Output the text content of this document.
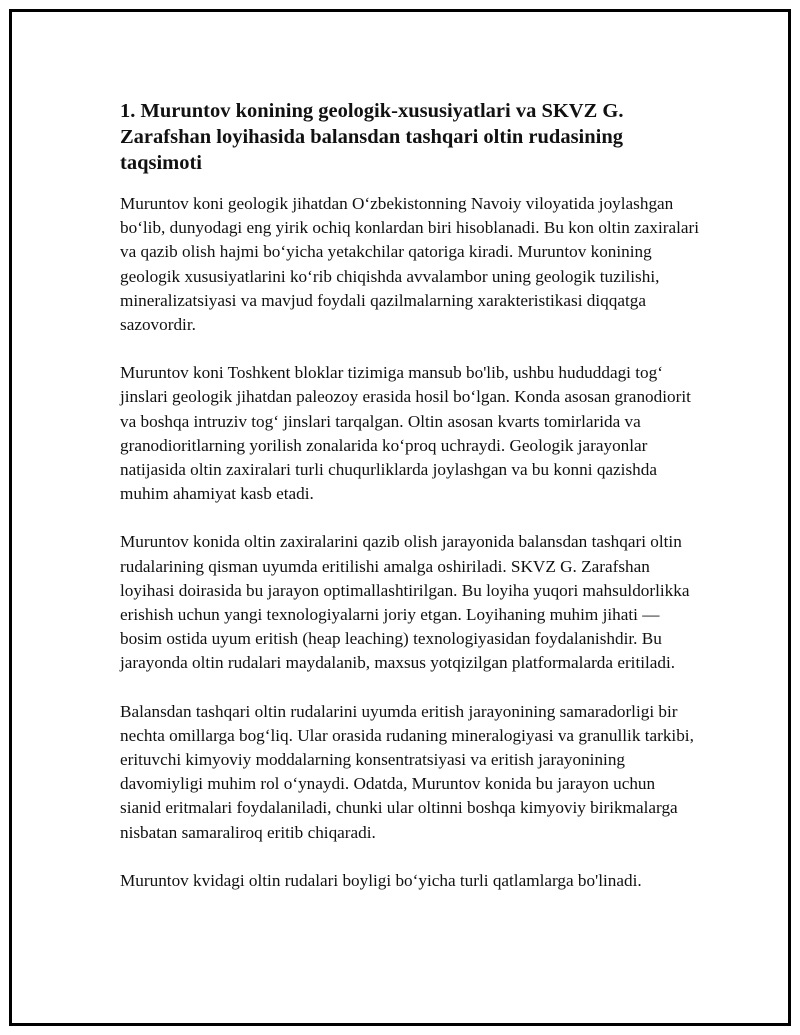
1. Muruntov konining geologik-xususiyatlari va SKVZ G. Zarafshan loyihasida balansdan tashqari oltin rudasining taqsimoti

Muruntov koni geologik jihatdan O‘zbekistonning Navoiy viloyatida joylashgan bo‘lib, dunyodagi eng yirik ochiq konlardan biri hisoblanadi. Bu kon oltin zaxiralari va qazib olish hajmi bo‘yicha yetakchilar qatoriga kiradi. Muruntov konining geologik xususiyatlarini ko‘rib chiqishda avvalambor uning geologik tuzilishi, mineralizatsiyasi va mavjud foydali qazilmalarning xarakteristikasi diqqatga sazovordir.

Muruntov koni Toshkent bloklar tizimiga mansub bo'lib, ushbu hududdagi tog‘ jinslari geologik jihatdan paleozoy erasida hosil bo‘lgan. Konda asosan granodiorit va boshqa intruziv tog‘ jinslari tarqalgan. Oltin asosan kvarts tomirlarida va granodioritlarning yorilish zonalarida ko‘proq uchraydi. Geologik jarayonlar natijasida oltin zaxiralari turli chuqurliklarda joylashgan va bu konni qazishda muhim ahamiyat kasb etadi.

Muruntov konida oltin zaxiralarini qazib olish jarayonida balansdan tashqari oltin rudalarining qisman uyumda eritilishi amalga oshiriladi. SKVZ G. Zarafshan loyihasi doirasida bu jarayon optimallashtirilgan. Bu loyiha yuqori mahsuldorlikka erishish uchun yangi texnologiyalarni joriy etgan. Loyihaning muhim jihati — bosim ostida uyum eritish (heap leaching) texnologiyasidan foydalanishdir. Bu jarayonda oltin rudalari maydalanib, maxsus yotqizilgan platformalarda eritiladi.

Balansdan tashqari oltin rudalarini uyumda eritish jarayonining samaradorligi bir nechta omillarga bog‘liq. Ular orasida rudaning mineralogiyasi va granullik tarkibi, erituvchi kimyoviy moddalarning konsentratsiyasi va eritish jarayonining davomiyligi muhim rol o‘ynaydi. Odatda, Muruntov konida bu jarayon uchun sianid eritmalari foydalaniladi, chunki ular oltinni boshqa kimyoviy birikmalarga nisbatan samaraliroq eritib chiqaradi.

Muruntov kvidagi oltin rudalari boyligi bo‘yicha turli qatlamlarga bo'linadi.
